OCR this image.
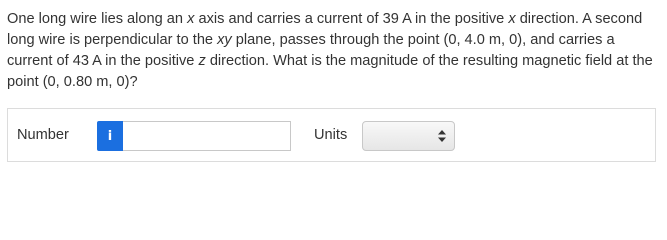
One long wire lies along an x axis and carries a current of 39 A in the positive x direction. A second long wire is perpendicular to the xy plane, passes through the point (0, 4.0 m, 0), and carries a current of 43 A in the positive z direction. What is the magnitude of the resulting magnetic field at the point (0, 0.80 m, 0)?

Number	i	Units
